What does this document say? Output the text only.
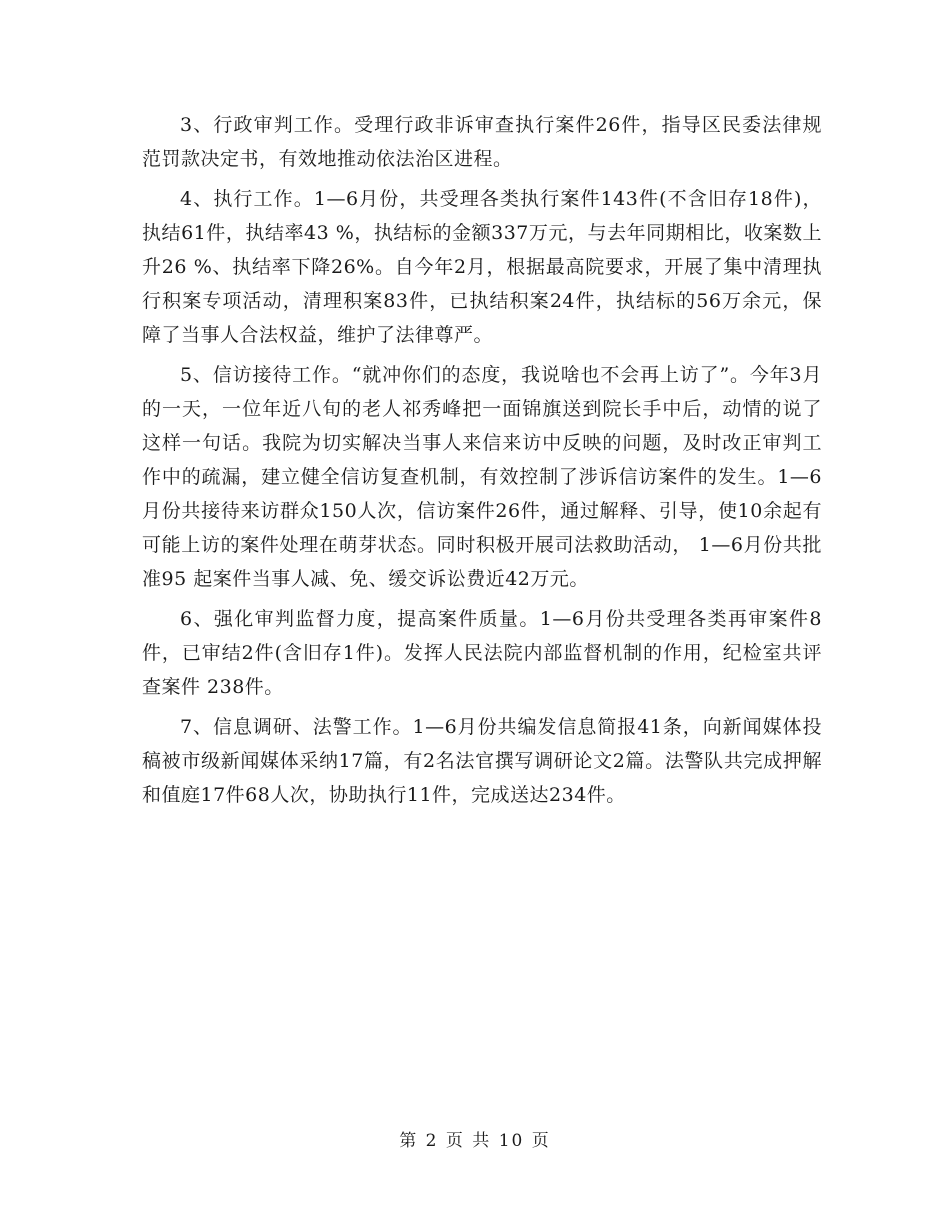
3、行政审判工作。受理行政非诉审查执行案件26件，指导区民委法律规范罚款决定书，有效地推动依法治区进程。

4、执行工作。1—6月份，共受理各类执行案件143件(不含旧存18件)，执结61件，执结率43 %，执结标的金额337万元，与去年同期相比，收案数上升26 %、执结率下降26%。自今年2月，根据最高院要求，开展了集中清理执行积案专项活动，清理积案83件，已执结积案24件，执结标的56万余元，保障了当事人合法权益，维护了法律尊严。

5、信访接待工作。“就冲你们的态度，我说啥也不会再上访了”。今年3月的一天，一位年近八旬的老人祁秀峰把一面锦旗送到院长手中后，动情的说了这样一句话。我院为切实解决当事人来信来访中反映的问题，及时改正审判工作中的疏漏，建立健全信访复查机制，有效控制了涉诉信访案件的发生。1—6月份共接待来访群众150人次，信访案件26件，通过解释、引导，使10余起有可能上访的案件处理在萌芽状态。同时积极开展司法救助活动， 1—6月份共批准95 起案件当事人减、免、缓交诉讼费近42万元。

6、强化审判监督力度，提高案件质量。1—6月份共受理各类再审案件8件，已审结2件(含旧存1件)。发挥人民法院内部监督机制的作用，纪检室共评查案件 238件。

7、信息调研、法警工作。1—6月份共编发信息简报41条，向新闻媒体投稿被市级新闻媒体采纳17篇，有2名法官撰写调研论文2篇。法警队共完成押解和值庭17件68人次，协助执行11件，完成送达234件。

第 2 页 共 10 页
